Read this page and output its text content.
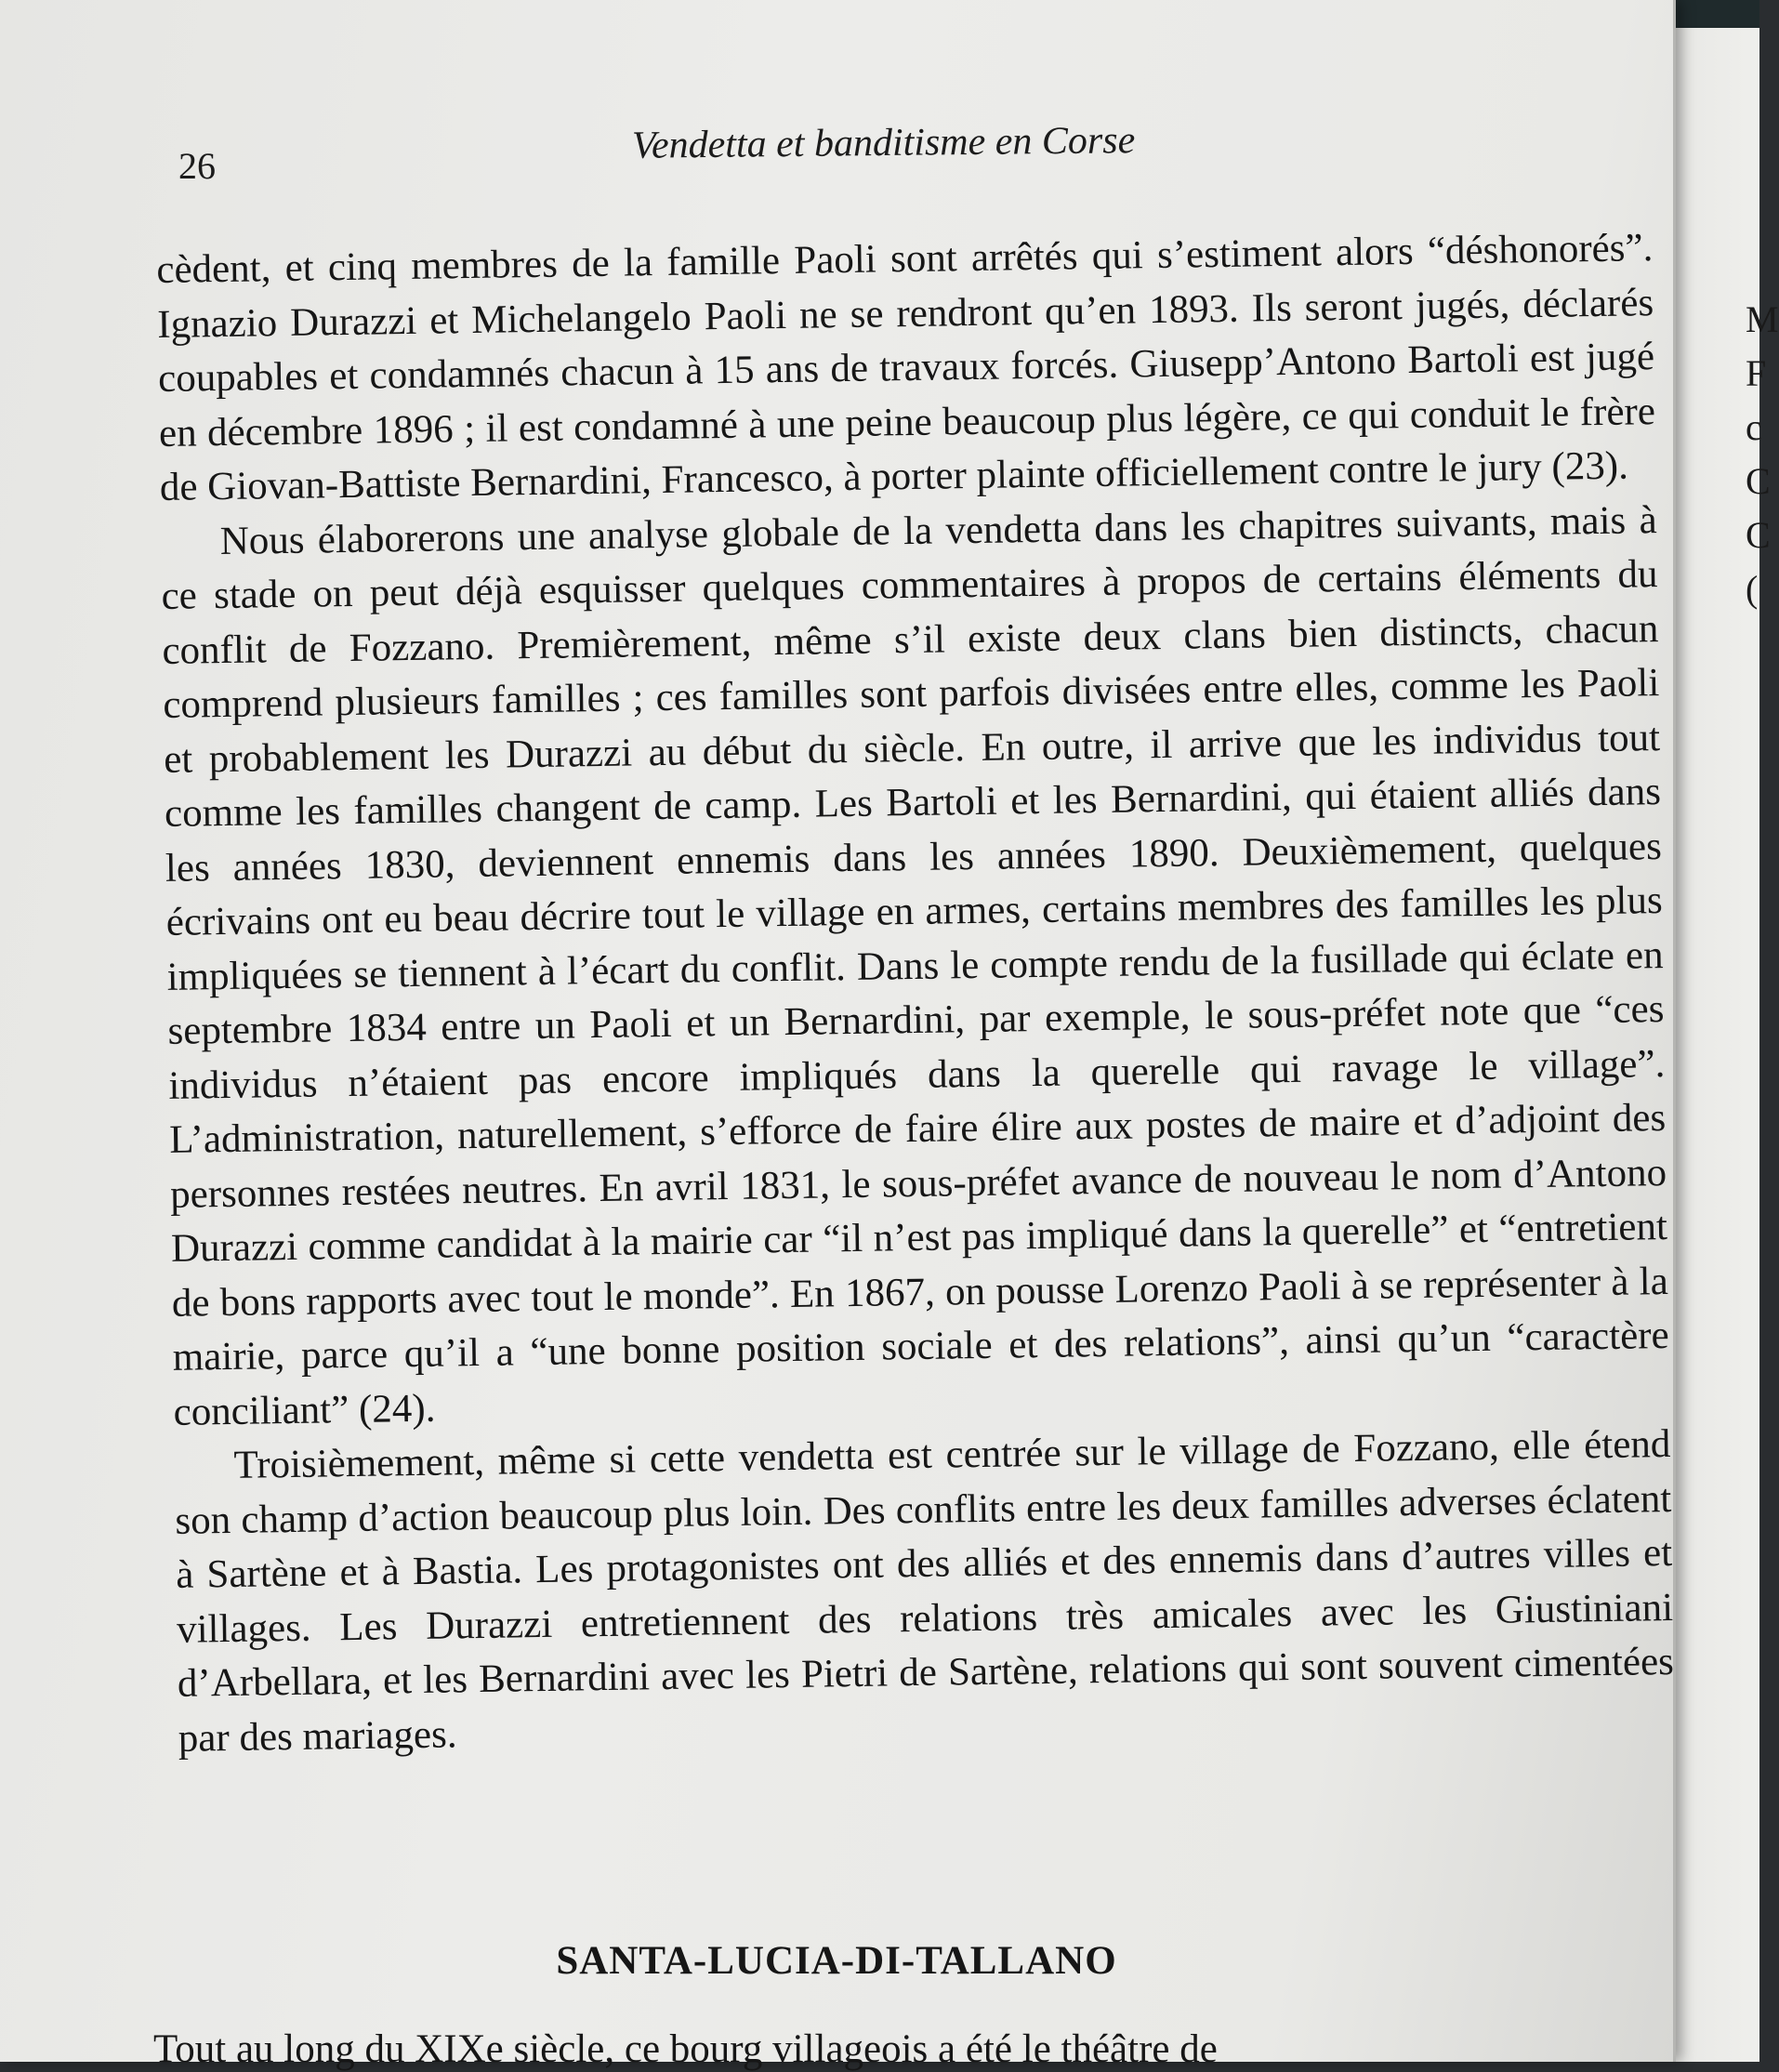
M
F
c
C
C
(
26	Vendetta et banditisme en Corse

cèdent, et cinq membres de la famille Paoli sont arrêtés qui s’estiment alors “déshonorés”. Ignazio Durazzi et Michelangelo Paoli ne se rendront qu’en 1893. Ils seront jugés, déclarés coupables et condamnés chacun à 15 ans de travaux forcés. Giusepp’Antono Bartoli est jugé en décembre 1896 ; il est condamné à une peine beaucoup plus légère, ce qui conduit le frère de Giovan-Battiste Bernardini, Francesco, à porter plainte officiellement contre le jury (23).

Nous élaborerons une analyse globale de la vendetta dans les chapitres suivants, mais à ce stade on peut déjà esquisser quelques commentaires à propos de certains éléments du conflit de Fozzano. Premièrement, même s’il existe deux clans bien distincts, chacun comprend plusieurs familles ; ces familles sont parfois divisées entre elles, comme les Paoli et probablement les Durazzi au début du siècle. En outre, il arrive que les individus tout comme les familles changent de camp. Les Bartoli et les Bernardini, qui étaient alliés dans les années 1830, deviennent ennemis dans les années 1890. Deuxièmement, quelques écrivains ont eu beau décrire tout le village en armes, certains membres des familles les plus impliquées se tiennent à l’écart du conflit. Dans le compte rendu de la fusillade qui éclate en septembre 1834 entre un Paoli et un Bernardini, par exemple, le sous-préfet note que “ces individus n’étaient pas encore impliqués dans la querelle qui ravage le village”. L’administration, naturellement, s’efforce de faire élire aux postes de maire et d’adjoint des personnes restées neutres. En avril 1831, le sous-préfet avance de nouveau le nom d’Antono Durazzi comme candidat à la mairie car “il n’est pas impliqué dans la querelle” et “entretient de bons rapports avec tout le monde”. En 1867, on pousse Lorenzo Paoli à se représenter à la mairie, parce qu’il a “une bonne position sociale et des relations”, ainsi qu’un “caractère conciliant” (24).

Troisièmement, même si cette vendetta est centrée sur le village de Fozzano, elle étend son champ d’action beaucoup plus loin. Des conflits entre les deux familles adverses éclatent à Sartène et à Bastia. Les protagonistes ont des alliés et des ennemis dans d’autres villes et villages. Les Durazzi entretiennent des relations très amicales avec les Giustiniani d’Arbellara, et les Bernardini avec les Pietri de Sartène, relations qui sont souvent cimentées par des mariages.

SANTA-LUCIA-DI-TALLANO
Tout au long du XIXe siècle, ce bourg villageois a été le théâtre de
